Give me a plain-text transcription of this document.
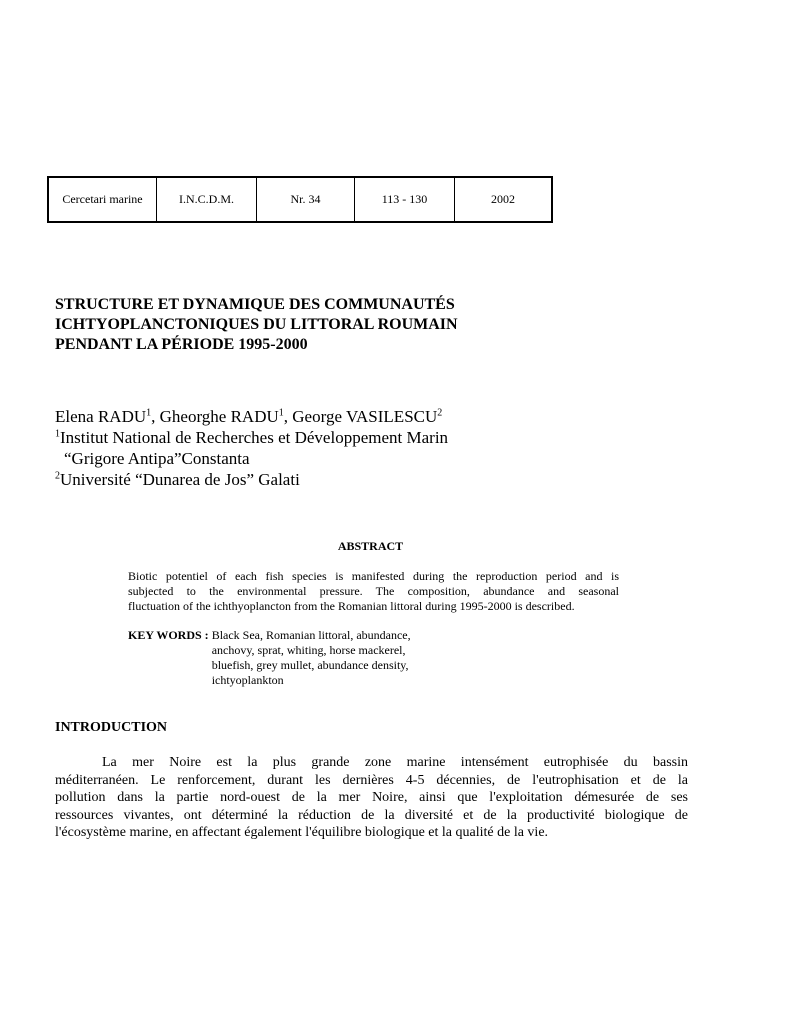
Cercetari marine	I.N.C.D.M.	Nr. 34	113 - 130	2002
STRUCTURE ET DYNAMIQUE DES COMMUNAUTÉS
ICHTYOPLANCTONIQUES DU LITTORAL ROUMAIN
PENDANT LA PÉRIODE 1995-2000
Elena RADU$^1$, Gheorghe RADU$^1$, George VASILESCU$^2$
$^1$Institut National de Recherches et Développement Marin
“Grigore Antipa”Constanta
$^2$Université “Dunarea de Jos” Galati
ABSTRACT
Biotic potentiel of each fish species is manifested during the reproduction period and is
subjected to the environmental pressure. The composition, abundance and seasonal
fluctuation of the ichthyoplancton from the Romanian littoral during 1995-2000 is described.
KEY WORDS : Black Sea, Romanian littoral, abundance,
anchovy, sprat, whiting, horse mackerel,
bluefish, grey mullet, abundance density,
ichtyoplankton
INTRODUCTION
La mer Noire est la plus grande zone marine intensément eutrophisée du bassin
méditerranéen. Le renforcement, durant les dernières 4-5 décennies, de l'eutrophisation et de la
pollution dans la partie nord-ouest de la mer Noire, ainsi que l'exploitation démesurée de ses
ressources vivantes, ont déterminé la réduction de la diversité et de la productivité biologique de
l'écosystème marine, en affectant également l'équilibre biologique et la qualité de la vie.
